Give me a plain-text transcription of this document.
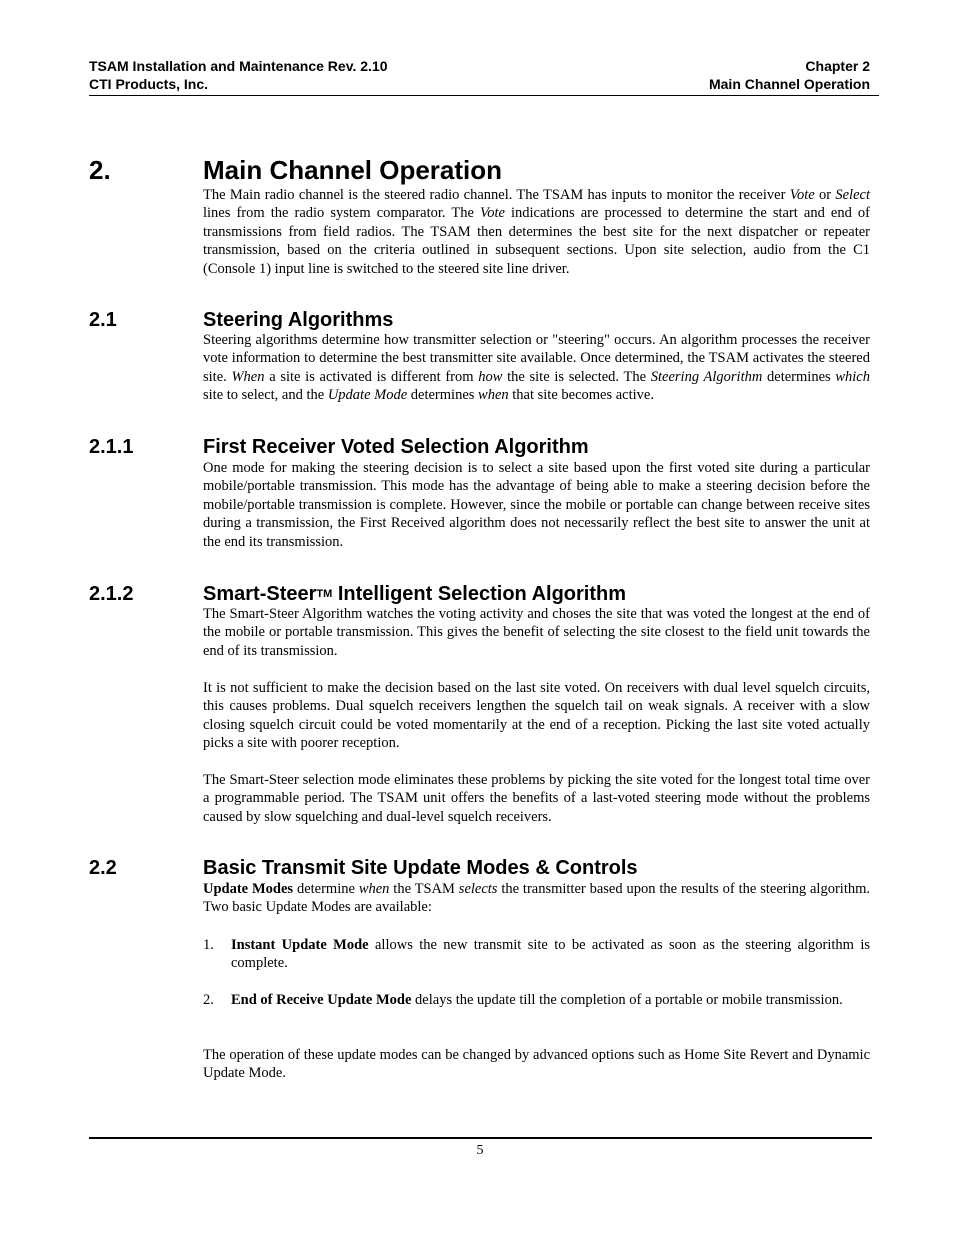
TSAM Installation and Maintenance Rev. 2.10	Chapter 2
CTI Products, Inc.	Main Channel Operation
2.	Main Channel Operation
The Main radio channel is the steered radio channel. The TSAM has inputs to monitor the receiver Vote or Select lines from the radio system comparator. The Vote indications are processed to determine the start and end of transmissions from field radios. The TSAM then determines the best site for the next dispatcher or repeater transmission, based on the criteria outlined in subsequent sections. Upon site selection, audio from the C1 (Console 1) input line is switched to the steered site line driver.
2.1	Steering Algorithms
Steering algorithms determine how transmitter selection or "steering" occurs. An algorithm processes the receiver vote information to determine the best transmitter site available. Once determined, the TSAM activates the steered site. When a site is activated is different from how the site is selected. The Steering Algorithm determines which site to select, and the Update Mode determines when that site becomes active.
2.1.1	First Receiver Voted Selection Algorithm
One mode for making the steering decision is to select a site based upon the first voted site during a particular mobile/portable transmission. This mode has the advantage of being able to make a steering decision before the mobile/portable transmission is complete. However, since the mobile or portable can change between receive sites during a transmission, the First Received algorithm does not necessarily reflect the best site to answer the unit at the end its transmission.
2.1.2	Smart-SteerTM Intelligent Selection Algorithm
The Smart-Steer Algorithm watches the voting activity and choses the site that was voted the longest at the end of the mobile or portable transmission. This gives the benefit of selecting the site closest to the field unit towards the end of its transmission.
It is not sufficient to make the decision based on the last site voted. On receivers with dual level squelch circuits, this causes problems. Dual squelch receivers lengthen the squelch tail on weak signals. A receiver with a slow closing squelch circuit could be voted momentarily at the end of a reception. Picking the last site voted actually picks a site with poorer reception.
The Smart-Steer selection mode eliminates these problems by picking the site voted for the longest total time over a programmable period. The TSAM unit offers the benefits of a last-voted steering mode without the problems caused by slow squelching and dual-level squelch receivers.
2.2	Basic Transmit Site Update Modes & Controls
Update Modes determine when the TSAM selects the transmitter based upon the results of the steering algorithm. Two basic Update Modes are available:
1. Instant Update Mode allows the new transmit site to be activated as soon as the steering algorithm is complete.
2. End of Receive Update Mode delays the update till the completion of a portable or mobile transmission.
The operation of these update modes can be changed by advanced options such as Home Site Revert and Dynamic Update Mode.
5
